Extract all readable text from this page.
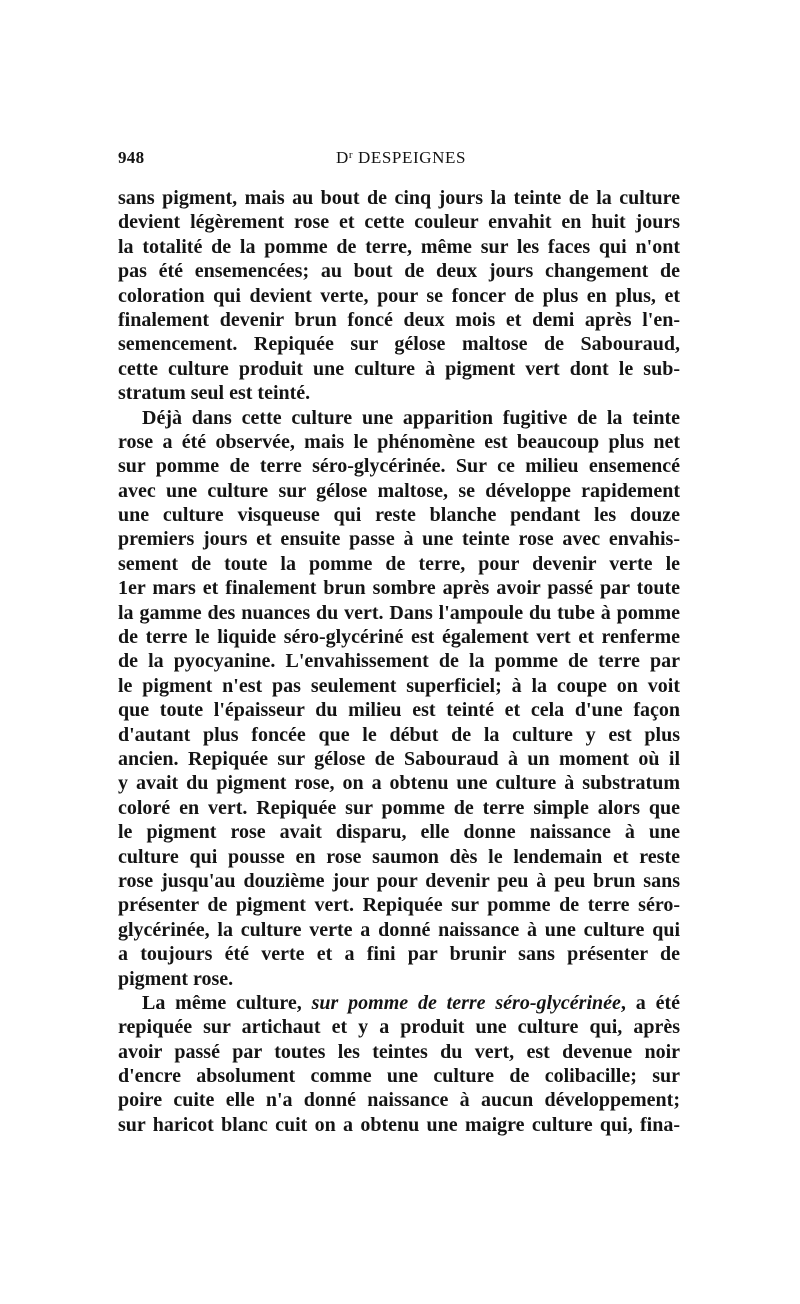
948	$D^r$ DESPEIGNES
sans pigment, mais au bout de cinq jours la teinte de la culture
devient légèrement rose et cette couleur envahit en huit jours
la totalité de la pomme de terre, même sur les faces qui n'ont
pas été ensemencées; au bout de deux jours changement de
coloration qui devient verte, pour se foncer de plus en plus, et
finalement devenir brun foncé deux mois et demi après l'en-
semencement. Repiquée sur gélose maltose de Sabouraud,
cette culture produit une culture à pigment vert dont le sub-
stratum seul est teinté.
Déjà dans cette culture une apparition fugitive de la teinte
rose a été observée, mais le phénomène est beaucoup plus net
sur pomme de terre séro-glycérinée. Sur ce milieu ensemencé
avec une culture sur gélose maltose, se développe rapidement
une culture visqueuse qui reste blanche pendant les douze
premiers jours et ensuite passe à une teinte rose avec envahis-
sement de toute la pomme de terre, pour devenir verte le
1er mars et finalement brun sombre après avoir passé par toute
la gamme des nuances du vert. Dans l'ampoule du tube à pomme
de terre le liquide séro-glycériné est également vert et renferme
de la pyocyanine. L'envahissement de la pomme de terre par
le pigment n'est pas seulement superficiel; à la coupe on voit
que toute l'épaisseur du milieu est teinté et cela d'une façon
d'autant plus foncée que le début de la culture y est plus
ancien. Repiquée sur gélose de Sabouraud à un moment où il
y avait du pigment rose, on a obtenu une culture à substratum
coloré en vert. Repiquée sur pomme de terre simple alors que
le pigment rose avait disparu, elle donne naissance à une
culture qui pousse en rose saumon dès le lendemain et reste
rose jusqu'au douzième jour pour devenir peu à peu brun sans
présenter de pigment vert. Repiquée sur pomme de terre séro-
glycérinée, la culture verte a donné naissance à une culture qui
a toujours été verte et a fini par brunir sans présenter de
pigment rose.
La même culture, sur pomme de terre séro-glycérinée, a été
repiquée sur artichaut et y a produit une culture qui, après
avoir passé par toutes les teintes du vert, est devenue noir
d'encre absolument comme une culture de colibacille; sur
poire cuite elle n'a donné naissance à aucun développement;
sur haricot blanc cuit on a obtenu une maigre culture qui, fina-
